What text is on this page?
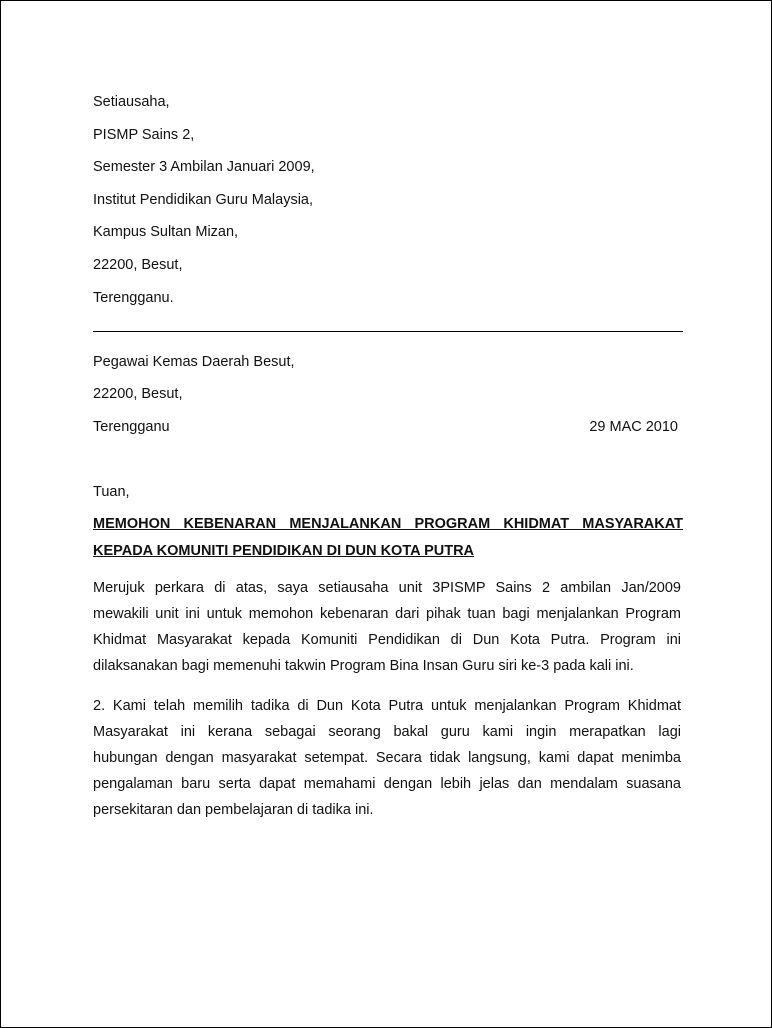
Setiausaha,
PISMP Sains 2,
Semester 3 Ambilan Januari 2009,
Institut Pendidikan Guru Malaysia,
Kampus Sultan Mizan,
22200, Besut,
Terengganu.
Pegawai Kemas Daerah Besut,
22200, Besut,
Terengganu	29 MAC 2010
Tuan,
MEMOHON KEBENARAN MENJALANKAN PROGRAM KHIDMAT MASYARAKAT
KEPADA KOMUNITI PENDIDIKAN DI DUN KOTA PUTRA
Merujuk perkara di atas, saya setiausaha unit 3PISMP Sains 2 ambilan Jan/2009
mewakili unit ini untuk memohon kebenaran dari pihak tuan bagi menjalankan Program
Khidmat Masyarakat kepada Komuniti Pendidikan di Dun Kota Putra. Program ini
dilaksanakan bagi memenuhi takwin Program Bina Insan Guru siri ke-3 pada kali ini.
2. Kami telah memilih tadika di Dun Kota Putra untuk menjalankan Program Khidmat
Masyarakat ini kerana sebagai seorang bakal guru kami ingin merapatkan lagi
hubungan dengan masyarakat setempat. Secara tidak langsung, kami dapat menimba
pengalaman baru serta dapat memahami dengan lebih jelas dan mendalam suasana
persekitaran dan pembelajaran di tadika ini.
